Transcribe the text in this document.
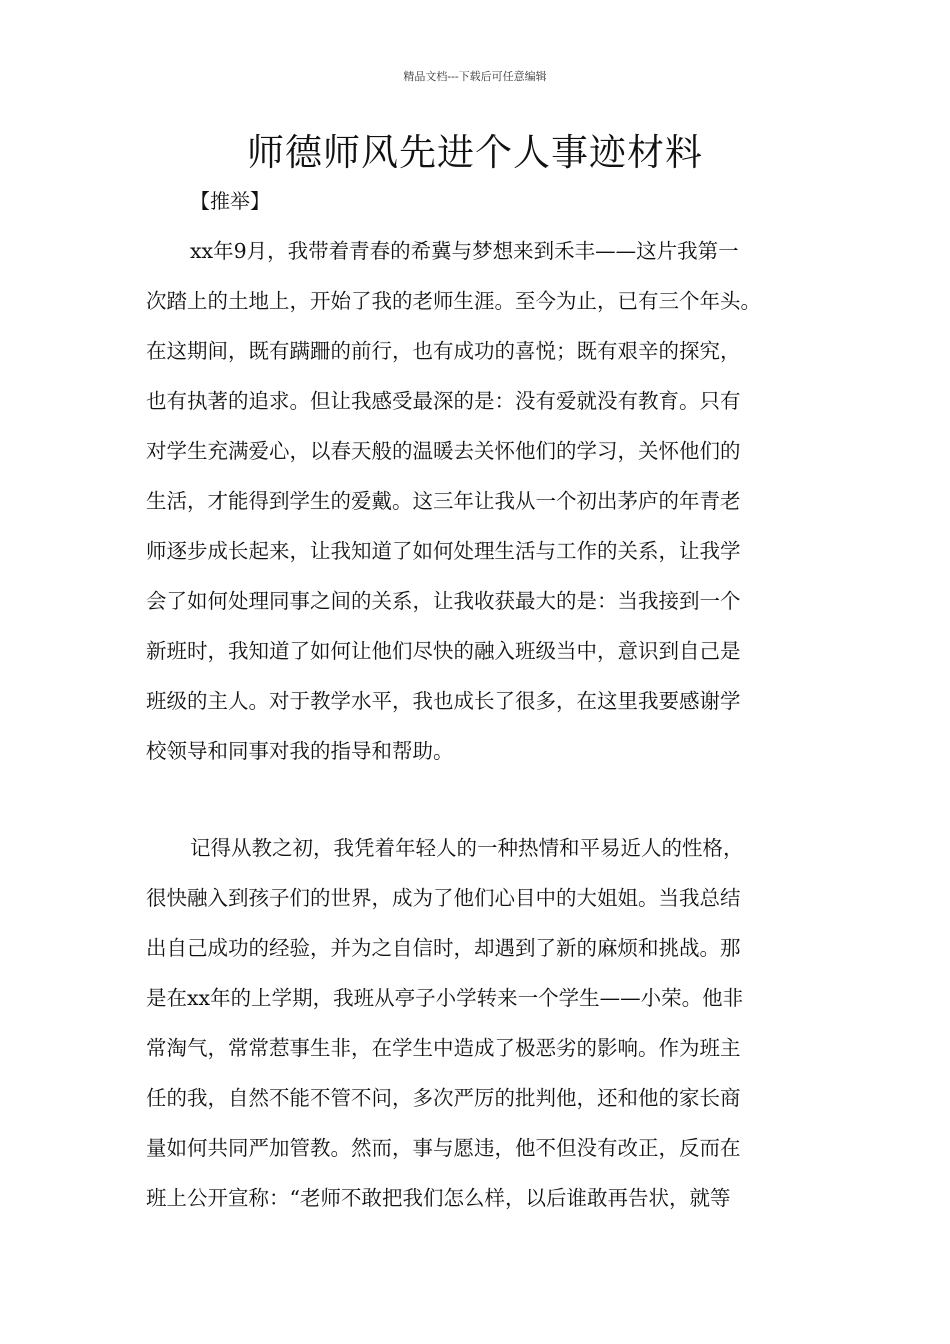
精品文档---下载后可任意编辑
师德师风先进个人事迹材料
【推举】
xx年9月，我带着青春的希冀与梦想来到禾丰——这片我第一
次踏上的土地上，开始了我的老师生涯。至今为止，已有三个年头。
在这期间，既有蹒跚的前行，也有成功的喜悦；既有艰辛的探究，
也有执著的追求。但让我感受最深的是：没有爱就没有教育。只有
对学生充满爱心，以春天般的温暖去关怀他们的学习，关怀他们的
生活，才能得到学生的爱戴。这三年让我从一个初出茅庐的年青老
师逐步成长起来，让我知道了如何处理生活与工作的关系，让我学
会了如何处理同事之间的关系，让我收获最大的是：当我接到一个
新班时，我知道了如何让他们尽快的融入班级当中，意识到自己是
班级的主人。对于教学水平，我也成长了很多，在这里我要感谢学
校领导和同事对我的指导和帮助。
记得从教之初，我凭着年轻人的一种热情和平易近人的性格，
很快融入到孩子们的世界，成为了他们心目中的大姐姐。当我总结
出自己成功的经验，并为之自信时，却遇到了新的麻烦和挑战。那
是在xx年的上学期，我班从亭子小学转来一个学生——小荣。他非
常淘气，常常惹事生非，在学生中造成了极恶劣的影响。作为班主
任的我，自然不能不管不问，多次严厉的批判他，还和他的家长商
量如何共同严加管教。然而，事与愿违，他不但没有改正，反而在
班上公开宣称：“老师不敢把我们怎么样，以后谁敢再告状，就等
